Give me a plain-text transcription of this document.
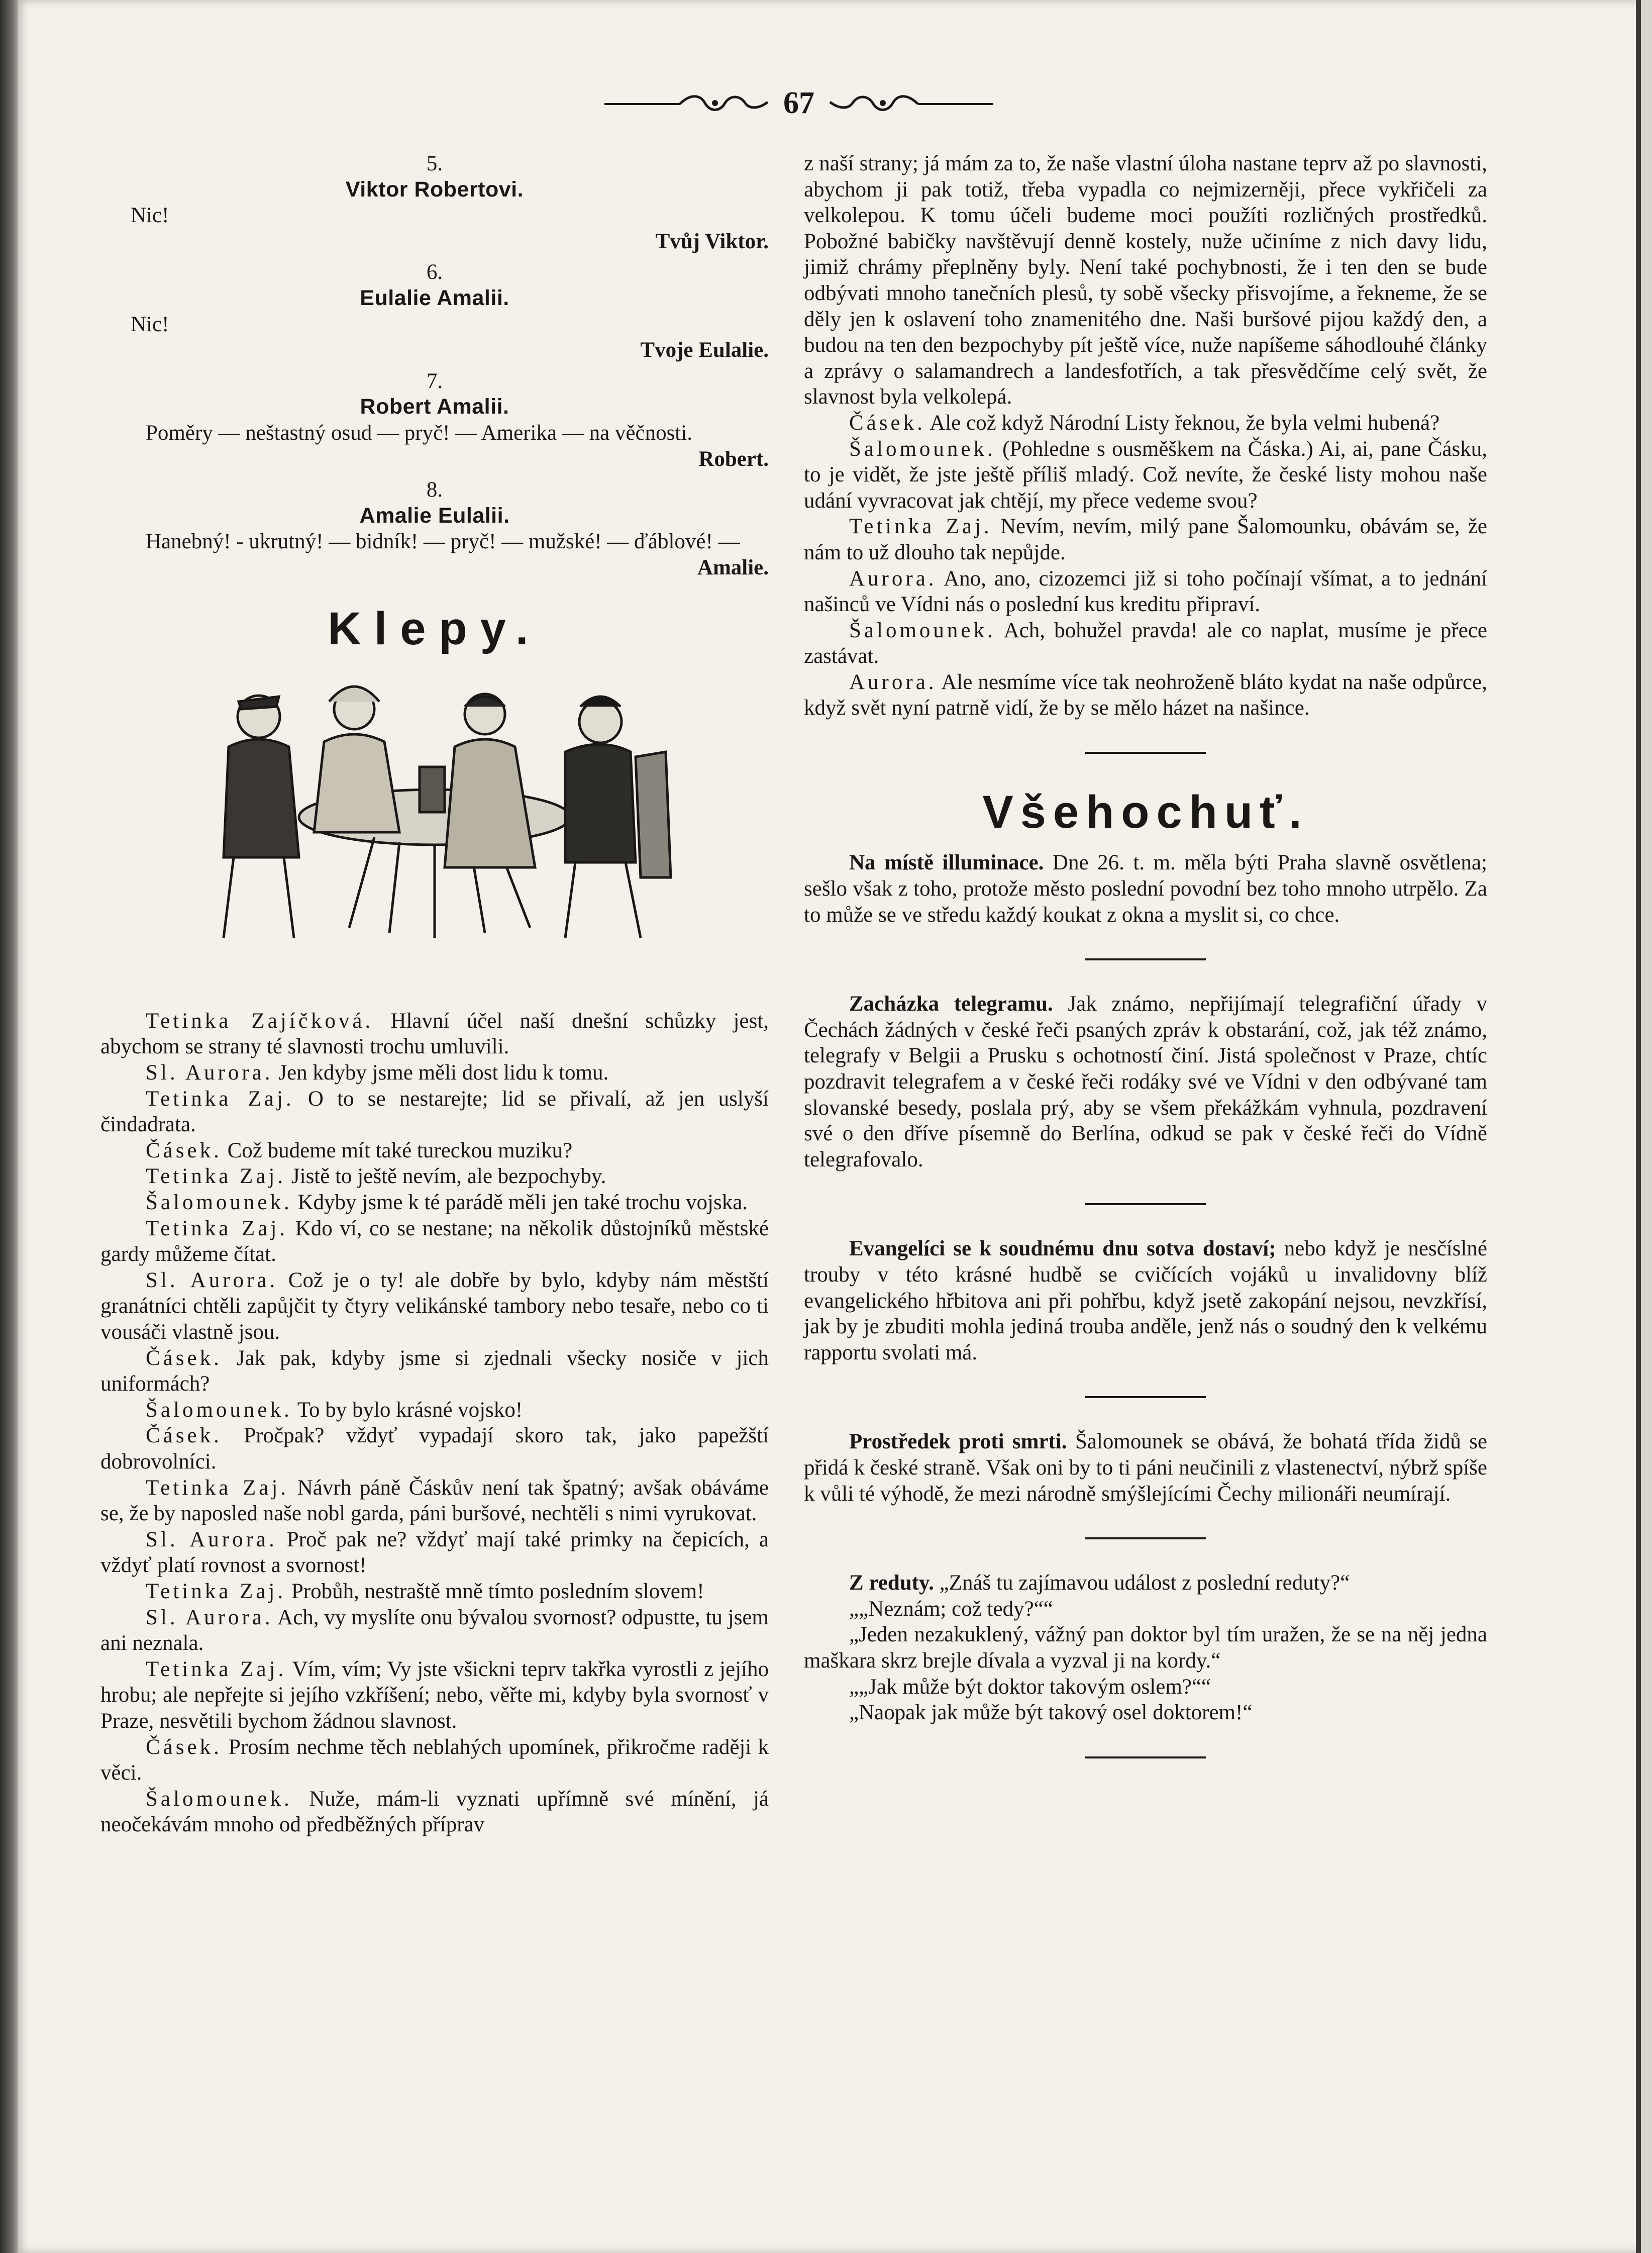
67

5.

Viktor Robertovi.

Nic!

Tvůj Viktor.

6.

Eulalie Amalii.

Nic!

Tvoje Eulalie.

7.

Robert Amalii.

Poměry — neštastný osud — pryč! — Amerika — na věčnosti.

Robert.

8.

Amalie Eulalii.

Hanebný! - ukrutný! — bidník! — pryč! — mužské! — ďáblové! —

Amalie.

Klepy.

Tetinka Zajíčková. Hlavní účel naší dnešní schůzky jest, abychom se strany té slavnosti trochu umluvili.

Sl. Aurora. Jen kdyby jsme měli dost lidu k tomu.

Tetinka Zaj. O to se nestarejte; lid se přivalí, až jen uslyší čindadrata.

Čásek. Což budeme mít také tureckou muziku?

Tetinka Zaj. Jistě to ještě nevím, ale bezpochyby.

Šalomounek. Kdyby jsme k té parádě měli jen také trochu vojska.

Tetinka Zaj. Kdo ví, co se nestane; na několik důstojníků městské gardy můžeme čítat.

Sl. Aurora. Což je o ty! ale dobře by bylo, kdyby nám městští granátníci chtěli zapůjčit ty čtyry velikánské tambory nebo tesaře, nebo co ti vousáči vlastně jsou.

Čásek. Jak pak, kdyby jsme si zjednali všecky nosiče v jich uniformách?

Šalomounek. To by bylo krásné vojsko!

Čásek. Pročpak? vždyť vypadají skoro tak, jako papežští dobrovolníci.

Tetinka Zaj. Návrh páně Čáskův není tak špatný; avšak obáváme se, že by naposled naše nobl garda, páni buršové, nechtěli s nimi vyrukovat.

Sl. Aurora. Proč pak ne? vždyť mají také primky na čepicích, a vždyť platí rovnost a svornost!

Tetinka Zaj. Probůh, nestraště mně tímto posledním slovem!

Sl. Aurora. Ach, vy myslíte onu bývalou svornost? odpustte, tu jsem ani neznala.

Tetinka Zaj. Vím, vím; Vy jste všickni teprv takřka vyrostli z jejího hrobu; ale nepřejte si jejího vzkříšení; nebo, věřte mi, kdyby byla svornosť v Praze, nesvětili bychom žádnou slavnost.

Čásek. Prosím nechme těch neblahých upomínek, přikročme raději k věci.

Šalomounek. Nuže, mám-li vyznati upřímně své mínění, já neočekávám mnoho od předběžných příprav

z naší strany; já mám za to, že naše vlastní úloha nastane teprv až po slavnosti, abychom ji pak totiž, třeba vypadla co nejmizerněji, přece vykřičeli za velkolepou. K tomu účeli budeme moci použíti rozličných prostředků. Pobožné babičky navštěvují denně kostely, nuže učiníme z nich davy lidu, jimiž chrámy přeplněny byly. Není také pochybnosti, že i ten den se bude odbývati mnoho tanečních plesů, ty sobě všecky přisvojíme, a řekneme, že se děly jen k oslavení toho znamenitého dne. Naši buršové pijou každý den, a budou na ten den bezpochyby pít ještě více, nuže napíšeme sáhodlouhé články a zprávy o salamandrech a landesfotřích, a tak přesvědčíme celý svět, že slavnost byla velkolepá.

Čásek. Ale což když Národní Listy řeknou, že byla velmi hubená?

Šalomounek. (Pohledne s ousměškem na Čáska.) Ai, ai, pane Čásku, to je vidět, že jste ještě příliš mladý. Což nevíte, že české listy mohou naše udání vyvracovat jak chtějí, my přece vedeme svou?

Tetinka Zaj. Nevím, nevím, milý pane Šalomounku, obávám se, že nám to už dlouho tak nepůjde.

Aurora. Ano, ano, cizozemci již si toho počínají všímat, a to jednání našinců ve Vídni nás o poslední kus kreditu připraví.

Šalomounek. Ach, bohužel pravda! ale co naplat, musíme je přece zastávat.

Aurora. Ale nesmíme více tak neohroženě bláto kydat na naše odpůrce, když svět nyní patrně vidí, že by se mělo házet na našince.

Všehochuť.

Na místě illuminace. Dne 26. t. m. měla býti Praha slavně osvětlena; sešlo však z toho, protože město poslední povodní bez toho mnoho utrpělo. Za to může se ve středu každý koukat z okna a myslit si, co chce.

Zacházka telegramu. Jak známo, nepřijímají telegrafiční úřady v Čechách žádných v české řeči psaných zpráv k obstarání, což, jak též známo, telegrafy v Belgii a Prusku s ochotností činí. Jistá společnost v Praze, chtíc pozdravit telegrafem a v české řeči rodáky své ve Vídni v den odbývané tam slovanské besedy, poslala prý, aby se všem překážkám vyhnula, pozdravení své o den dříve písemně do Berlína, odkud se pak v české řeči do Vídně telegrafovalo.

Evangelíci se k soudnému dnu sotva dostaví; nebo když je nesčíslné trouby v této krásné hudbě se cvičících vojáků u invalidovny blíž evangelického hřbitova ani při pohřbu, když jsetě zakopání nejsou, nevzkřísí, jak by je zbuditi mohla jediná trouba anděle, jenž nás o soudný den k velkému rapportu svolati má.

Prostředek proti smrti. Šalomounek se obává, že bohatá třída židů se přidá k české straně. Však oni by to ti páni neučinili z vlastenectví, nýbrž spíše k vůli té výhodě, že mezi národně smýšlejícími Čechy milionáři neumírají.

Z reduty. „Znáš tu zajímavou událost z poslední reduty?“

„„Neznám; což tedy?““

„Jeden nezakuklený, vážný pan doktor byl tím uražen, že se na něj jedna maškara skrz brejle dívala a vyzval ji na kordy.“

„„Jak může být doktor takovým oslem?““

„Naopak jak může být takový osel doktorem!“
